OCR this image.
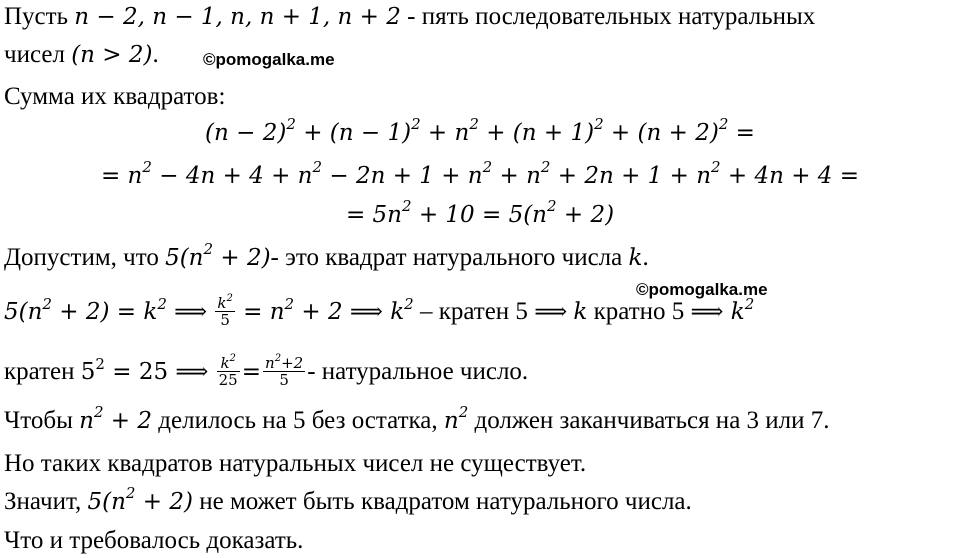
Пусть n − 2, n − 1, n, n + 1, n + 2 - пять последовательных натуральных
чисел (n > 2).	©pomogalka.me
Сумма их квадратов:
$(n - 2)^2 + (n - 1)^2 + n^2 + (n + 1)^2 + (n + 2)^2$ =
= $n^2 - 4n + 4 + n^2 - 2n + 1 + n^2 + n^2 + 2n + 1 + n^2 + 4n + 4$ =
= $5n^2 + 10 = 5(n^2 + 2)$
Допустим, что $5(n^2 + 2)-$ это квадрат натурального числа k.
©pomogalka.me
$5(n^2 + 2) = k^2$ ⟹ $\frac{k^2}{5} = n^2 + 2$ ⟹ $k^2$ – кратен 5 ⟹ k кратно 5 ⟹ $k^2$
кратен $5^2 = 25$ ⟹ $\frac{k^2}{25} = \frac{n^2+2}{5}$ - натуральное число.
Чтобы $n^2 + 2$ делилось на 5 без остатка, $n^2$ должен заканчиваться на 3 или 7.
Но таких квадратов натуральных чисел не существует.
Значит, $5(n^2 + 2)$ не может быть квадратом натурального числа.
Что и требовалось доказать.
